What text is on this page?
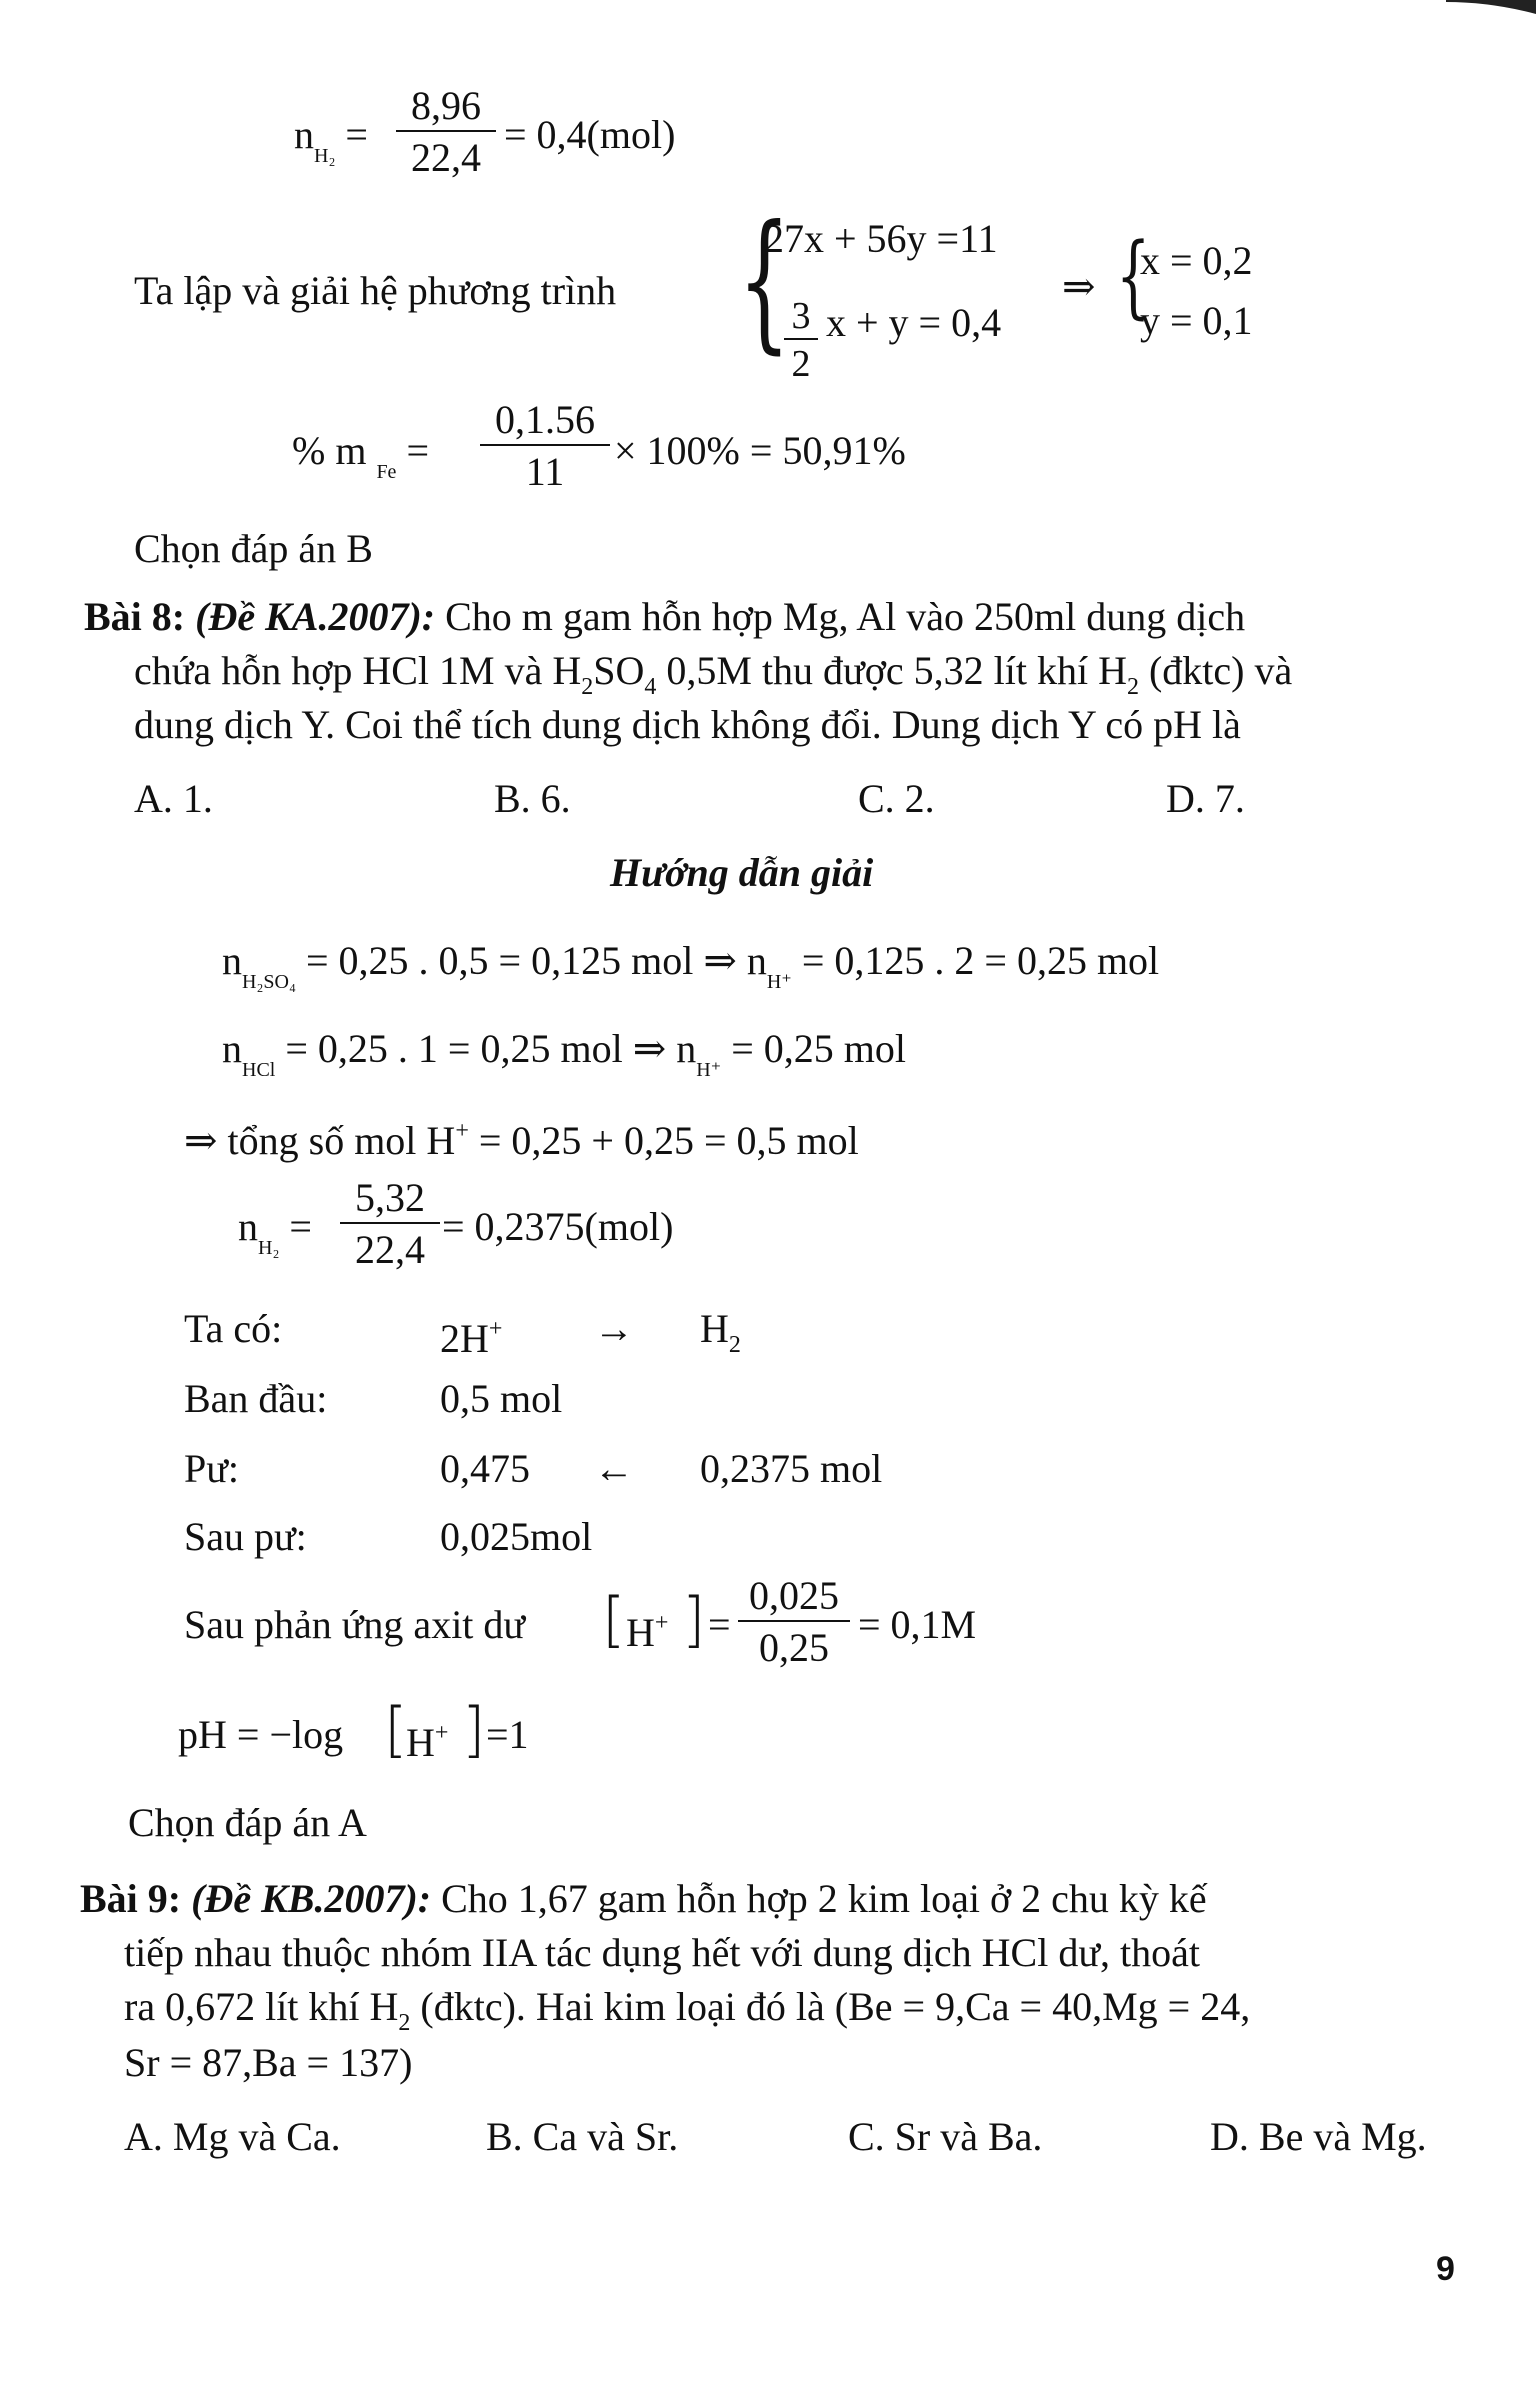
$n_{H_2} = \frac{8,96}{22,4} = 0,4(mol)$
Ta lập và giải hệ phương trình {
27x + 56y =11
$\frac{3}{2}$ x + y = 0,4
⇒ {
x = 0,2
y = 0,1
% m $_{Fe} = \frac{0,1.56}{11} \times 100\% = 50,91\%$
Chọn đáp án B
Bài 8: (Đề KA.2007): Cho m gam hỗn hợp Mg, Al vào 250ml dung dịch
chứa hỗn hợp HCl 1M và $H_2SO_4$ 0,5M thu được 5,32 lít khí $H_2$ (đktc) và
dung dịch Y. Coi thể tích dung dịch không đổi. Dung dịch Y có pH là
A. 1.	B. 6.	C. 2.	D. 7.
Hướng dẫn giải
$n_{H_2SO_4} = 0,25$ . 0,5 = 0,125 mol ⇒ $n_{H^+} = 0,125$ . 2 = 0,25 mol
$n_{HCl} = 0,25$ . 1 = 0,25 mol ⇒ $n_{H^+} = 0,25$ mol
⇒ tổng số mol H+ = 0,25 + 0,25 = 0,5 mol
$n_{H_2} = \frac{5,32}{22,4} = 0,2375(mol)$
Ta có:	$2H^+ \to H_2$
Ban đầu:	0,5 mol
Pư:	0,475 ← 0,2375 mol
Sau pư:	0,025mol
Sau phản ứng axit dư [ H+ ] = $\frac{0,025}{0,25} = 0,1M$
pH = −log [
H+ ] =1
Chọn đáp án A
Bài 9: (Đề KB.2007): Cho 1,67 gam hỗn hợp 2 kim loại ở 2 chu kỳ kế
tiếp nhau thuộc nhóm IIA tác dụng hết với dung dịch HCl dư, thoát
ra 0,672 lít khí $H_2$ (đktc). Hai kim loại đó là (Be = 9,Ca = 40,Mg = 24,
Sr = 87,Ba = 137)
A. Mg và Ca.	B. Ca và Sr.	C. Sr và Ba.	D. Be và Mg.
9
